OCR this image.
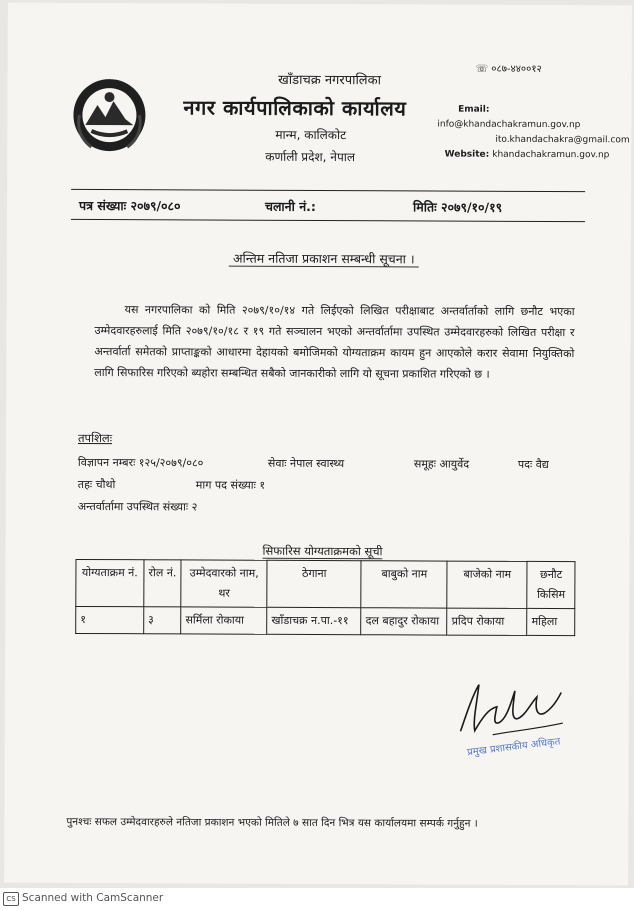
खाँडाचक्र नगरपालिका
नगर कार्यपालिकाको कार्यालय
मान्म, कालिकोट
कर्णाली प्रदेश, नेपाल
☏ ०८७-४४००१२
Email:info@khandachakramun.gov.np
ito.khandachakra@gmail.com
Website: khandachakramun.gov.np
पत्र संख्याः २०७९/०८०	चलानी नं.:	मितिः २०७९/१०/१९
अन्तिम नतिजा प्रकाशन सम्बन्धी सूचना ।
यस नगरपालिका को मिति २०७९/१०/१४ गते लिईएको लिखित परीक्षाबाट अन्तर्वार्ताको लागि छनौट भएका उम्मेदवारहरुलाई मिति २०७९/१०/१८ र १९ गते सञ्चालन भएको अन्तर्वार्तामा उपस्थित उम्मेदवारहरुको लिखित परीक्षा र अन्तर्वार्ता समेतको प्राप्ताङ्कको आधारमा देहायको बमोजिमको योग्यताक्रम कायम हुन आएकोले करार सेवामा नियुक्तिको लागि सिफारिस गरिएको ब्यहोरा सम्बन्धित सबैको जानकारीको लागि यो सूचना प्रकाशित गरिएको छ ।
तपशिलः
विज्ञापन नम्बरः १२५/२०७९/०८०	सेवाः नेपाल स्वास्थ्य	समूहः आयुर्वेद	पदः वैद्य
तहः चौथो	माग पद संख्याः १
अन्तर्वार्तामा उपस्थित संख्याः २
सिफारिस योग्यताक्रमको सूची
योग्यताक्रम नं.	रोल नं.	उम्मेदवारको नाम, थर	ठेगाना	बाबुको नाम	बाजेको नाम	छनौट किसिम
१	३	सर्मिला रोकाया	खाँडाचक्र न.पा.-११	दल बहादुर रोकाया	प्रदिप रोकाया	महिला
प्रमुख प्रशासकीय अधिकृत
पुनश्चः सफल उम्मेदवारहरुले नतिजा प्रकाशन भएको मितिले ७ सात दिन भित्र यस कार्यालयमा सम्पर्क गर्नुहुन ।
CS Scanned with CamScanner
